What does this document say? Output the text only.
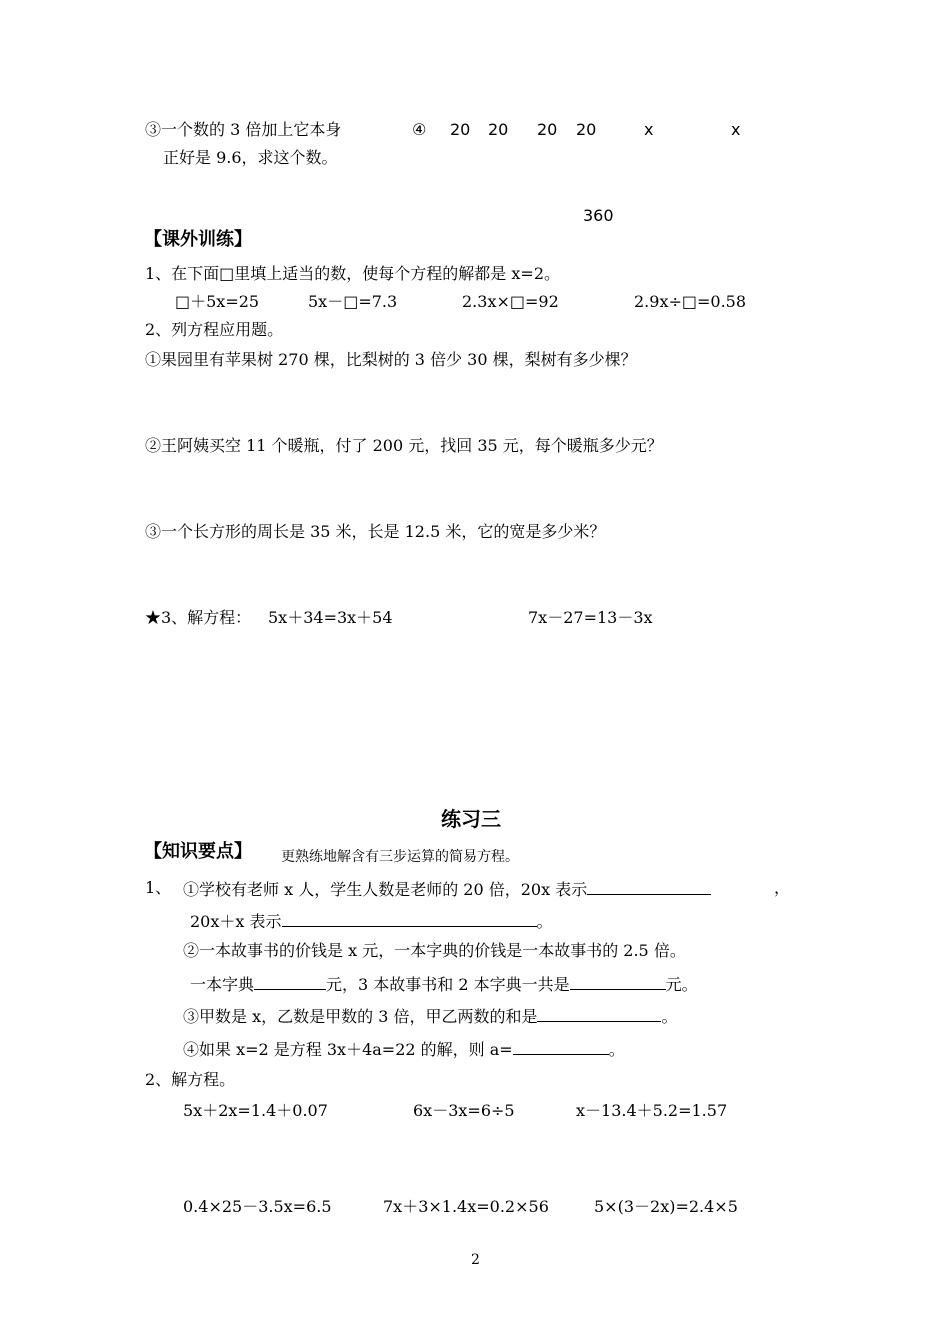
③一个数的 3 倍加上它本身
正好是 9.6，求这个数。
④ 20 20 20 20	x	x
360
【课外训练】
1、在下面□里填上适当的数，使每个方程的解都是 x=2。
□＋5x=25	5x－□=7.3	2.3x×□=92	2.9x÷□=0.58
2、列方程应用题。
①果园里有苹果树 270 棵，比梨树的 3 倍少 30 棵，梨树有多少棵？
②王阿姨买空 11 个暖瓶，付了 200 元，找回 35 元，每个暖瓶多少元？
③一个长方形的周长是 35 米，长是 12.5 米，它的宽是多少米？
★3、解方程： 5x＋34=3x＋54	7x－27=13－3x
练习三
【知识要点】 更熟练地解含有三步运算的简易方程。
1、 ①学校有老师 x 人，学生人数是老师的 20 倍，20x 表示	，
20x＋x 表示	。
②一本故事书的价钱是 x 元，一本字典的价钱是一本故事书的 2.5 倍。
一本字典	元，3 本故事书和 2 本字典一共是	元。
③甲数是 x，乙数是甲数的 3 倍，甲乙两数的和是	。
④如果 x=2 是方程 3x＋4a=22 的解，则 a=	。
2、解方程。
5x＋2x=1.4＋0.07	6x－3x=6÷5	x－13.4＋5.2=1.57
0.4×25－3.5x=6.5	7x＋3×1.4x=0.2×56	5×(3－2x)=2.4×5
2
